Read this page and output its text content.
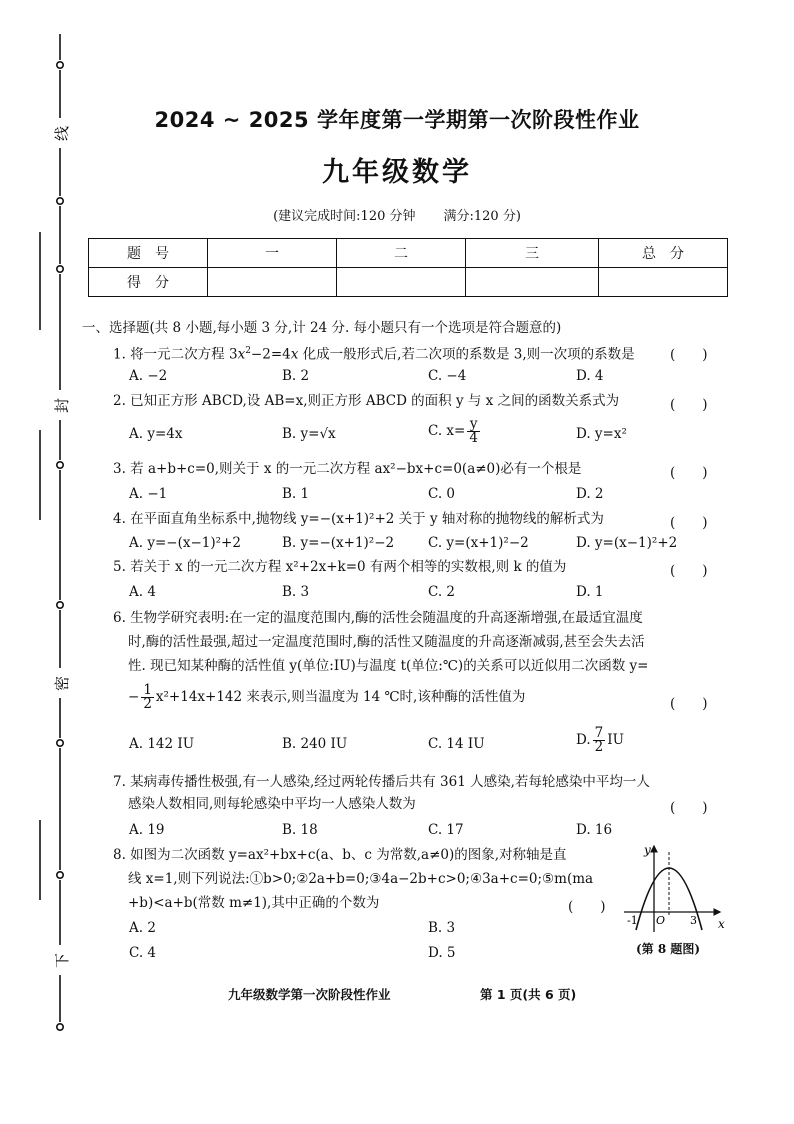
线
封
密
下
2024 ~ 2025 学年度第一学期第一次阶段性作业
九年级数学
(建议完成时间:120 分钟 满分:120 分)
题　号	一	二	三	总　分
得　分				
一、选择题(共 8 小题,每小题 3 分,计 24 分. 每小题只有一个选项是符合题意的)
1. 将一元二次方程 $3x^2-2=4x$ 化成一般形式后,若二次项的系数是 3,则一次项的系数是	(　　)
A. −2	B. 2	C. −4	D. 4
2. 已知正方形 ABCD,设 AB=x,则正方形 ABCD 的面积 y 与 x 之间的函数关系式为	(　　)
A. y=4x	B. y=√x	C. $x= \frac{y}{4}$	D. y=x²
3. 若 a+b+c=0,则关于 x 的一元二次方程 ax²−bx+c=0(a≠0)必有一个根是	(　　)
A. −1	B. 1	C. 0	D. 2
4. 在平面直角坐标系中,抛物线 y=−(x+1)²+2 关于 y 轴对称的抛物线的解析式为	(　　)
A. y=−(x−1)²+2	B. y=−(x+1)²−2	C. y=(x+1)²−2	D. y=(x−1)²+2
5. 若关于 x 的一元二次方程 x²+2x+k=0 有两个相等的实数根,则 k 的值为	(　　)
A. 4	B. 3	C. 2	D. 1
6. 生物学研究表明:在一定的温度范围内,酶的活性会随温度的升高逐渐增强,在最适宜温度
时,酶的活性最强,超过一定温度范围时,酶的活性又随温度的升高逐渐减弱,甚至会失去活
性. 现已知某种酶的活性值 y(单位:IU)与温度 t(单位:℃)的关系可以近似用二次函数 y=
− $\frac{1}{2} x^2+14x+142$ 来表示,则当温度为 14 ℃时,该种酶的活性值为	(　　)
A. 142 IU	B. 240 IU	C. 14 IU	D. $\frac{7}{2}$ IU
7. 某病毒传播性极强,有一人感染,经过两轮传播后共有 361 人感染,若每轮感染中平均一人
感染人数相同,则每轮感染中平均一人感染人数为	(　　)
A. 19	B. 18	C. 17	D. 16
8. 如图为二次函数 y=ax²+bx+c(a、b、c 为常数,a≠0)的图象,对称轴是直
线 x=1,则下列说法:①b>0;②2a+b=0;③4a−2b+c>0;④3a+c=0;⑤m(ma
+b)<a+b(常数 m≠1),其中正确的个数为	(　　)
A. 2	B. 3
C. 4	D. 5
x
y
O
-1	3
(第 8 题图)
九年级数学第一次阶段性作业	第 1 页(共 6 页)
